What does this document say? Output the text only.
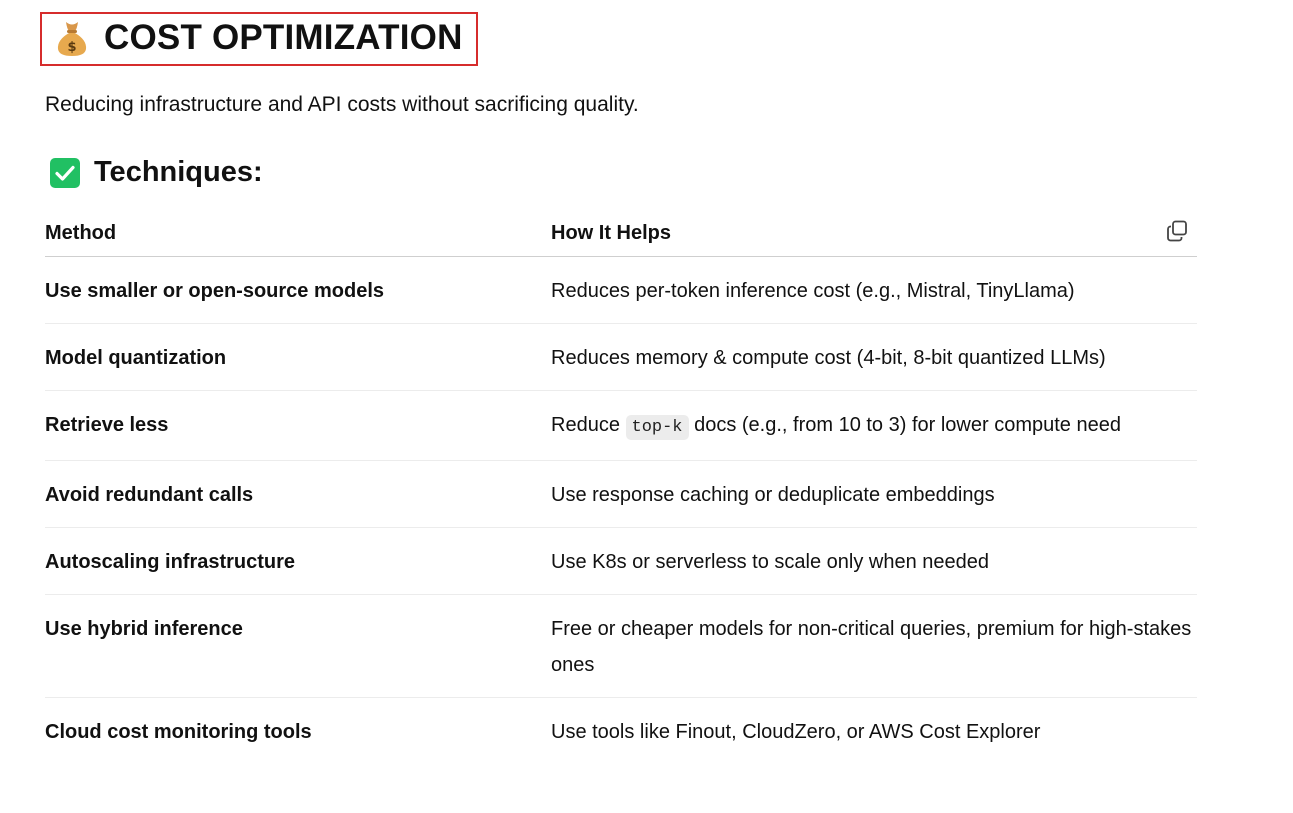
$ COST OPTIMIZATION
Reducing infrastructure and API costs without sacrificing quality.
Techniques:
Method	How It Helps
Use smaller or open-source models	Reduces per-token inference cost (e.g., Mistral, TinyLlama)
Model quantization	Reduces memory & compute cost (4-bit, 8-bit quantized LLMs)
Retrieve less	Reduce top-k docs (e.g., from 10 to 3) for lower compute need
Avoid redundant calls	Use response caching or deduplicate embeddings
Autoscaling infrastructure	Use K8s or serverless to scale only when needed
Use hybrid inference	Free or cheaper models for non-critical queries, premium for high-stakes ones
Cloud cost monitoring tools	Use tools like Finout, CloudZero, or AWS Cost Explorer
